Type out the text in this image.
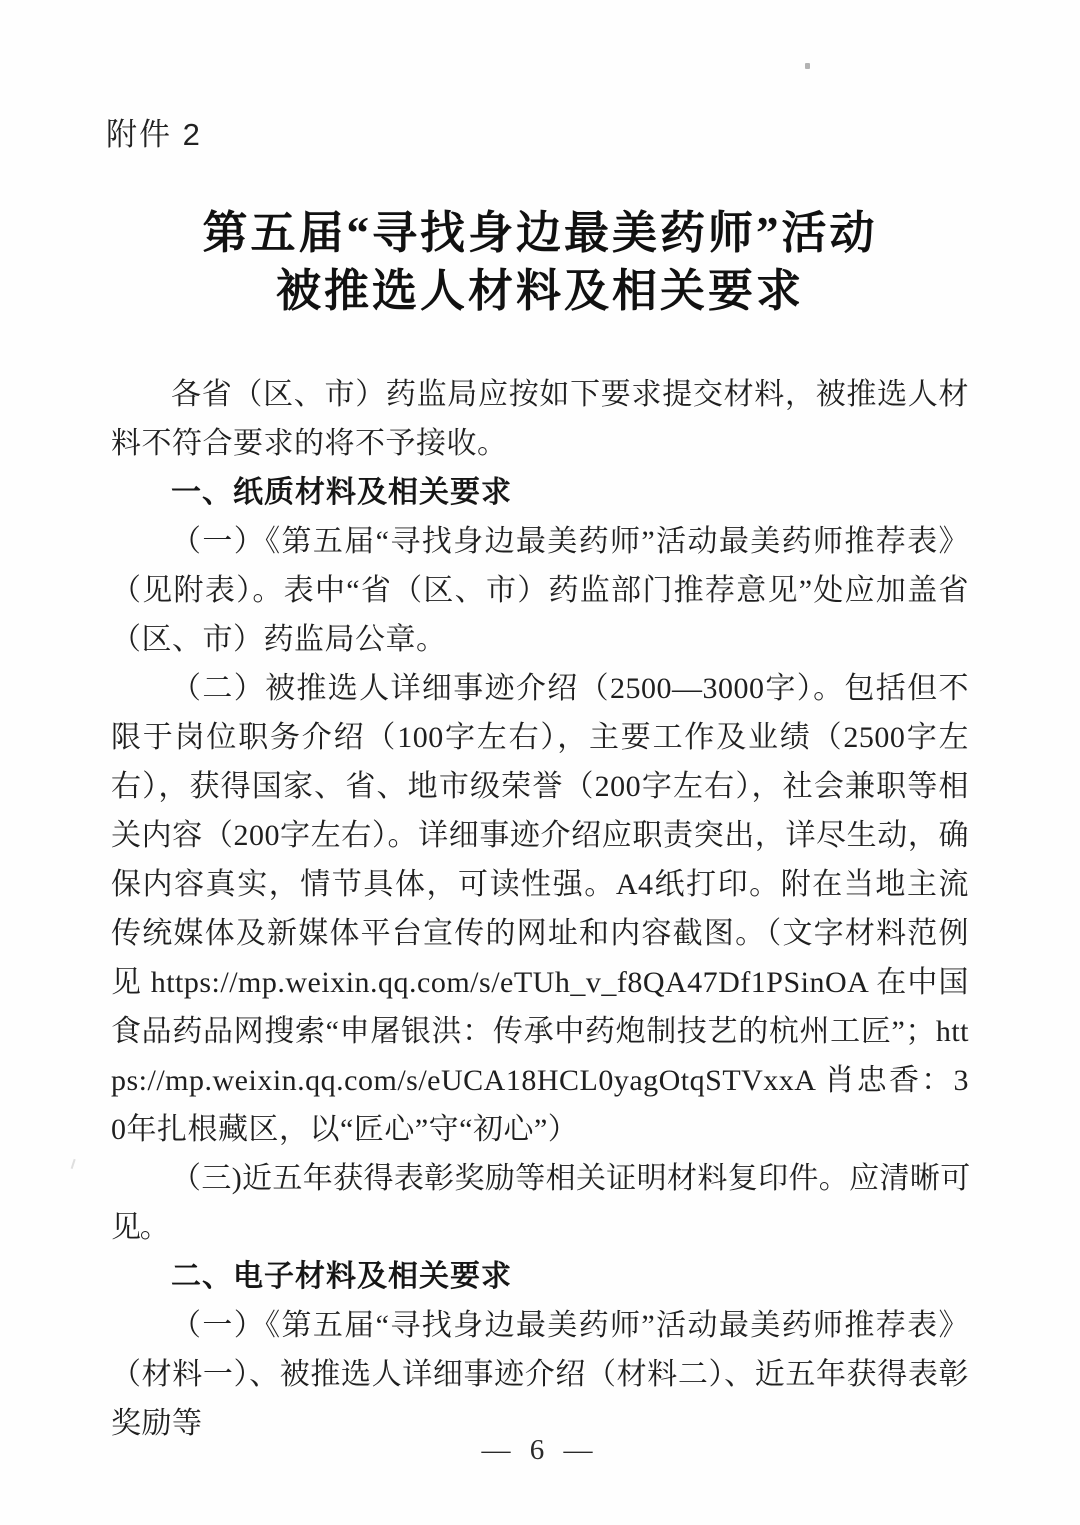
附件 2

第五届“寻找身边最美药师”活动
被推选人材料及相关要求

各省（区、市）药监局应按如下要求提交材料，被推选人材料不符合要求的将不予接收。

一、纸质材料及相关要求

（一）《第五届“寻找身边最美药师”活动最美药师推荐表》（见附表）。表中“省（区、市）药监部门推荐意见”处应加盖省（区、市）药监局公章。

（二）被推选人详细事迹介绍（2500—3000字）。包括但不限于岗位职务介绍（100字左右），主要工作及业绩（2500字左右），获得国家、省、地市级荣誉（200字左右），社会兼职等相关内容（200字左右）。详细事迹介绍应职责突出，详尽生动，确保内容真实，情节具体，可读性强。A4纸打印。附在当地主流传统媒体及新媒体平台宣传的网址和内容截图。（文字材料范例见 https://mp.weixin.qq.com/s/eTUh_v_f8QA47Df1PSinOA 在中国食品药品网搜索“申屠银洪：传承中药炮制技艺的杭州工匠”；https://mp.weixin.qq.com/s/eUCA18HCL0yagOtqSTVxxA 肖忠香：30年扎根藏区，以“匠心”守“初心”）

（三)近五年获得表彰奖励等相关证明材料复印件。应清晰可见。

二、电子材料及相关要求

（一）《第五届“寻找身边最美药师”活动最美药师推荐表》（材料一）、被推选人详细事迹介绍（材料二）、近五年获得表彰奖励等

— 6 —
